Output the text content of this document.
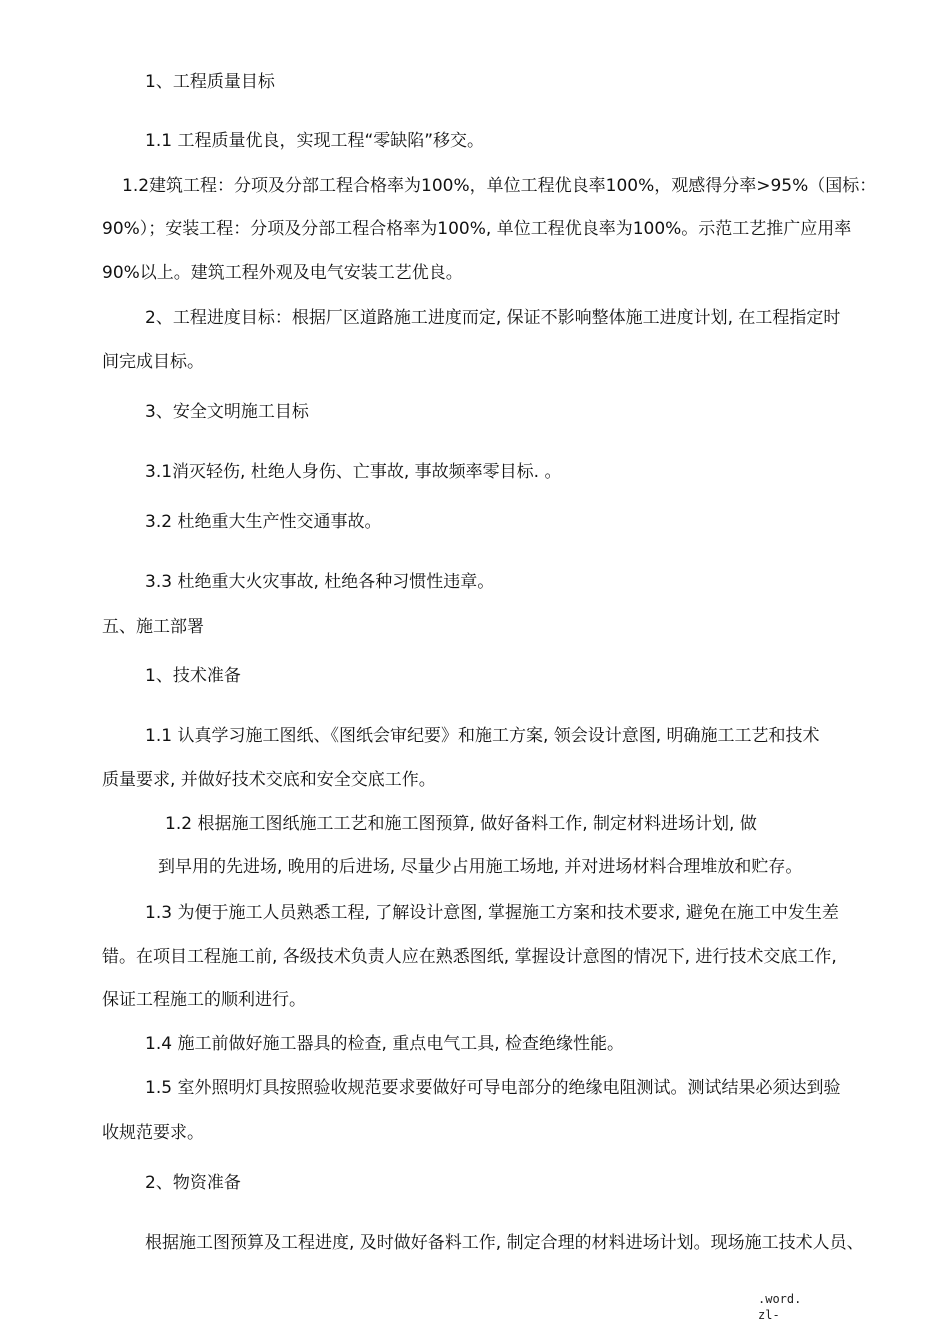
1、工程质量目标

1.1 工程质量优良，实现工程“零缺陷”移交。

1.2建筑工程：分项及分部工程合格率为100%，单位工程优良率100%，观感得分率>95%（国标：

90%）；安装工程：分项及分部工程合格率为100%, 单位工程优良率为100%。示范工艺推广应用率

90%以上。建筑工程外观及电气安装工艺优良。

2、工程进度目标：根据厂区道路施工进度而定, 保证不影响整体施工进度计划, 在工程指定时

间完成目标。

3、安全文明施工目标

3.1消灭轻伤, 杜绝人身伤、亡事故, 事故频率零目标. 。

3.2 杜绝重大生产性交通事故。

3.3 杜绝重大火灾事故, 杜绝各种习惯性违章。

五、施工部署

1、技术准备

1.1 认真学习施工图纸、《图纸会审纪要》和施工方案, 领会设计意图, 明确施工工艺和技术

质量要求, 并做好技术交底和安全交底工作。

1.2 根据施工图纸施工工艺和施工图预算, 做好备料工作, 制定材料进场计划, 做

到早用的先进场, 晚用的后进场, 尽量少占用施工场地, 并对进场材料合理堆放和贮存。

1.3 为便于施工人员熟悉工程, 了解设计意图, 掌握施工方案和技术要求, 避免在施工中发生差

错。在项目工程施工前, 各级技术负责人应在熟悉图纸, 掌握设计意图的情况下, 进行技术交底工作,

保证工程施工的顺利进行。

1.4 施工前做好施工器具的检查, 重点电气工具, 检查绝缘性能。

1.5 室外照明灯具按照验收规范要求要做好可导电部分的绝缘电阻测试。测试结果必须达到验

收规范要求。

2、物资准备

根据施工图预算及工程进度, 及时做好备料工作, 制定合理的材料进场计划。现场施工技术人员、

.word.
zl-
